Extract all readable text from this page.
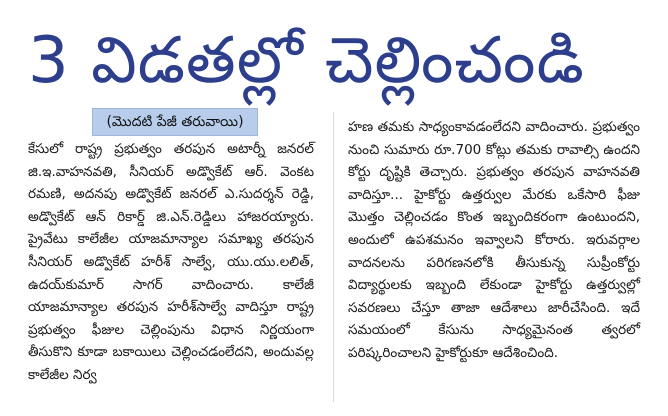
3 విడతల్లో చెల్లించండి
(మొదటి పేజీ తరువాయి)

కేసులో రాష్ట్ర ప్రభుత్వం తరపున అటార్నీ జనరల్ జి.ఇ.వాహనవతి, సీనియర్ అడ్వొకేట్ ఆర్. వెంకట రమణి, అదనపు అడ్వొకేట్ జనరల్ ఎ.సుదర్శన్ రెడ్డి, అడ్వొకేట్ ఆన్ రికార్డ్ జి.ఎన్.రెడ్డిలు హాజరయ్యారు. ప్రైవేటు కాలేజీల యాజమాన్యాల సమాఖ్య తరపున సీనియర్ అడ్వొకేట్ హరీశ్ సాల్వే, యు.యు.లలిత్, ఉదయ్‌కుమార్ సాగర్ వాదించారు. కాలేజీ యాజమాన్యాల తరపున హరీశ్‌సాల్వే వాదిస్తూ రాష్ట్ర ప్రభుత్వం ఫీజుల చెల్లింపును విధాన నిర్ణయంగా తీసుకొని కూడా బకాయిలు చెల్లించడంలేదని, అందువల్ల కాలేజీల నిర్వ

హణ తమకు సాధ్యంకావడంలేదని వాదించారు. ప్రభుత్వం నుంచి సుమారు రూ.700 కోట్లు తమకు రావాల్సి ఉందని కోర్టు దృష్టికి తెచ్చారు. ప్రభుత్వం తరపున వాహనవతి వాదిస్తూ... హైకోర్టు ఉత్తర్వుల మేరకు ఒకేసారి ఫీజు మొత్తం చెల్లించడం కొంత ఇబ్బందికరంగా ఉంటుందని, అందులో ఉపశమనం ఇవ్వాలని కోరారు. ఇరువర్గాల వాదనలను పరిగణనలోకి తీసుకున్న సుప్రీంకోర్టు విద్యార్థులకు ఇబ్బంది లేకుండా హైకోర్టు ఉత్తర్వుల్లో సవరణలు చేస్తూ తాజా ఆదేశాలు జారీచేసింది. ఇదే సమయంలో కేసును సాధ్యమైనంత త్వరలో పరిష్కరించాలని హైకోర్టుకూ ఆదేశించింది.
